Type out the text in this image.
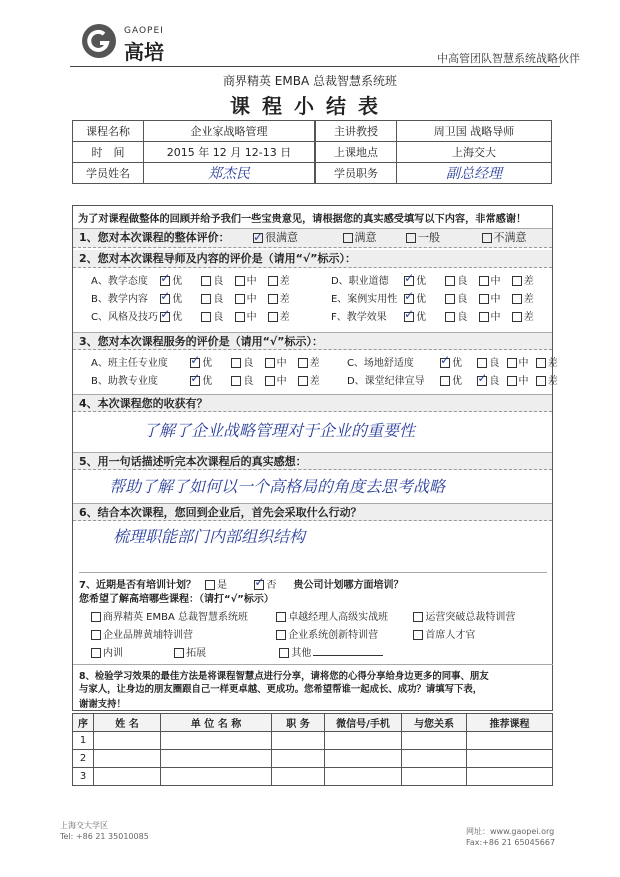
GAOPEI
高培	中高管团队智慧系统战略伙伴
商界精英 EMBA 总裁智慧系统班
课程小结表
课程名称	企业家战略管理		主讲教授	周卫国 战略导师
时　间	2015 年 12 月 12-13 日		上课地点	上海交大
学员姓名	郑杰民		学员职务	副总经理
为了对课程做整体的回顾并给予我们一些宝贵意见，请根据您的真实感受填写以下内容，非常感谢！
1、您对本次课程的整体评价： ✓	很满意	满意	一般	不满意
2、您对本次课程导师及内容的评价是（请用“√”标示）：
A、教学态度 ✓ 优	良 中 差	D、职业道德 ✓	优	良 中 差
B、教学内容 ✓ 优	良 中 差	E、案例实用性 ✓ 优	良 中 差
C、风格及技巧 ✓ 优	良 中 差	F、教学效果 ✓	优	良 中 差
3、您对本次课程服务的评价是（请用“√”标示）：
A、班主任专业度 ✓	优	良 中 差	C、场地舒适度 ✓	优	良 中 差
B、助教专业度 ✓	优	良 中 差	D、课堂纪律宣导	优 ✓	良 中 差
4、本次课程您的收获有？
了解了企业战略管理对于企业的重要性
5、用一句话描述听完本次课程后的真实感想：
帮助了解了如何以一个高格局的角度去思考战略
6、结合本次课程，您回到企业后，首先会采取什么行动？
梳理职能部门内部组织结构
7、近期是否有培训计划？ 是 ✓	否 贵公司计划哪方面培训？
您希望了解高培哪些课程：（请打“√”标示）
商界精英 EMBA 总裁智慧系统班	卓越经理人高级实战班	运营突破总裁特训营
企业品牌黄埔特训营	企业系统创新特训营	首席人才官
内训	拓展	其他
8、检验学习效果的最佳方法是将课程智慧点进行分享，请将您的心得分享给身边更多的同事、朋友
与家人，让身边的朋友圈跟自己一样更卓越、更成功。您希望帮谁一起成长、成功？请填写下表，
谢谢支持！
序	姓 名	单 位 名 称	职 务	微信号/手机	与您关系	推荐课程
1						
2						
3						
上海交大学区
Tel: +86 21 35010085
网址：www.gaopei.org
Fax:+86 21 65045667
